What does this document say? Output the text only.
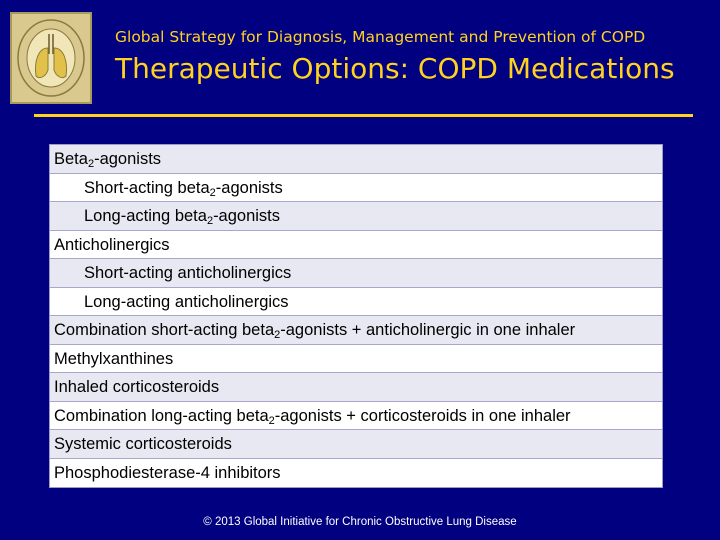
Global Strategy for Diagnosis, Management and Prevention of COPD
Therapeutic Options: COPD Medications
Beta$_2$-agonists
Short-acting beta$_2$-agonists
Long-acting beta$_2$-agonists
Anticholinergics
Short-acting anticholinergics
Long-acting anticholinergics
Combination short-acting beta$_2$-agonists + anticholinergic in one inhaler
Methylxanthines
Inhaled corticosteroids
Combination long-acting beta$_2$-agonists + corticosteroids in one inhaler
Systemic corticosteroids
Phosphodiesterase-4 inhibitors
© 2013 Global Initiative for Chronic Obstructive Lung Disease
